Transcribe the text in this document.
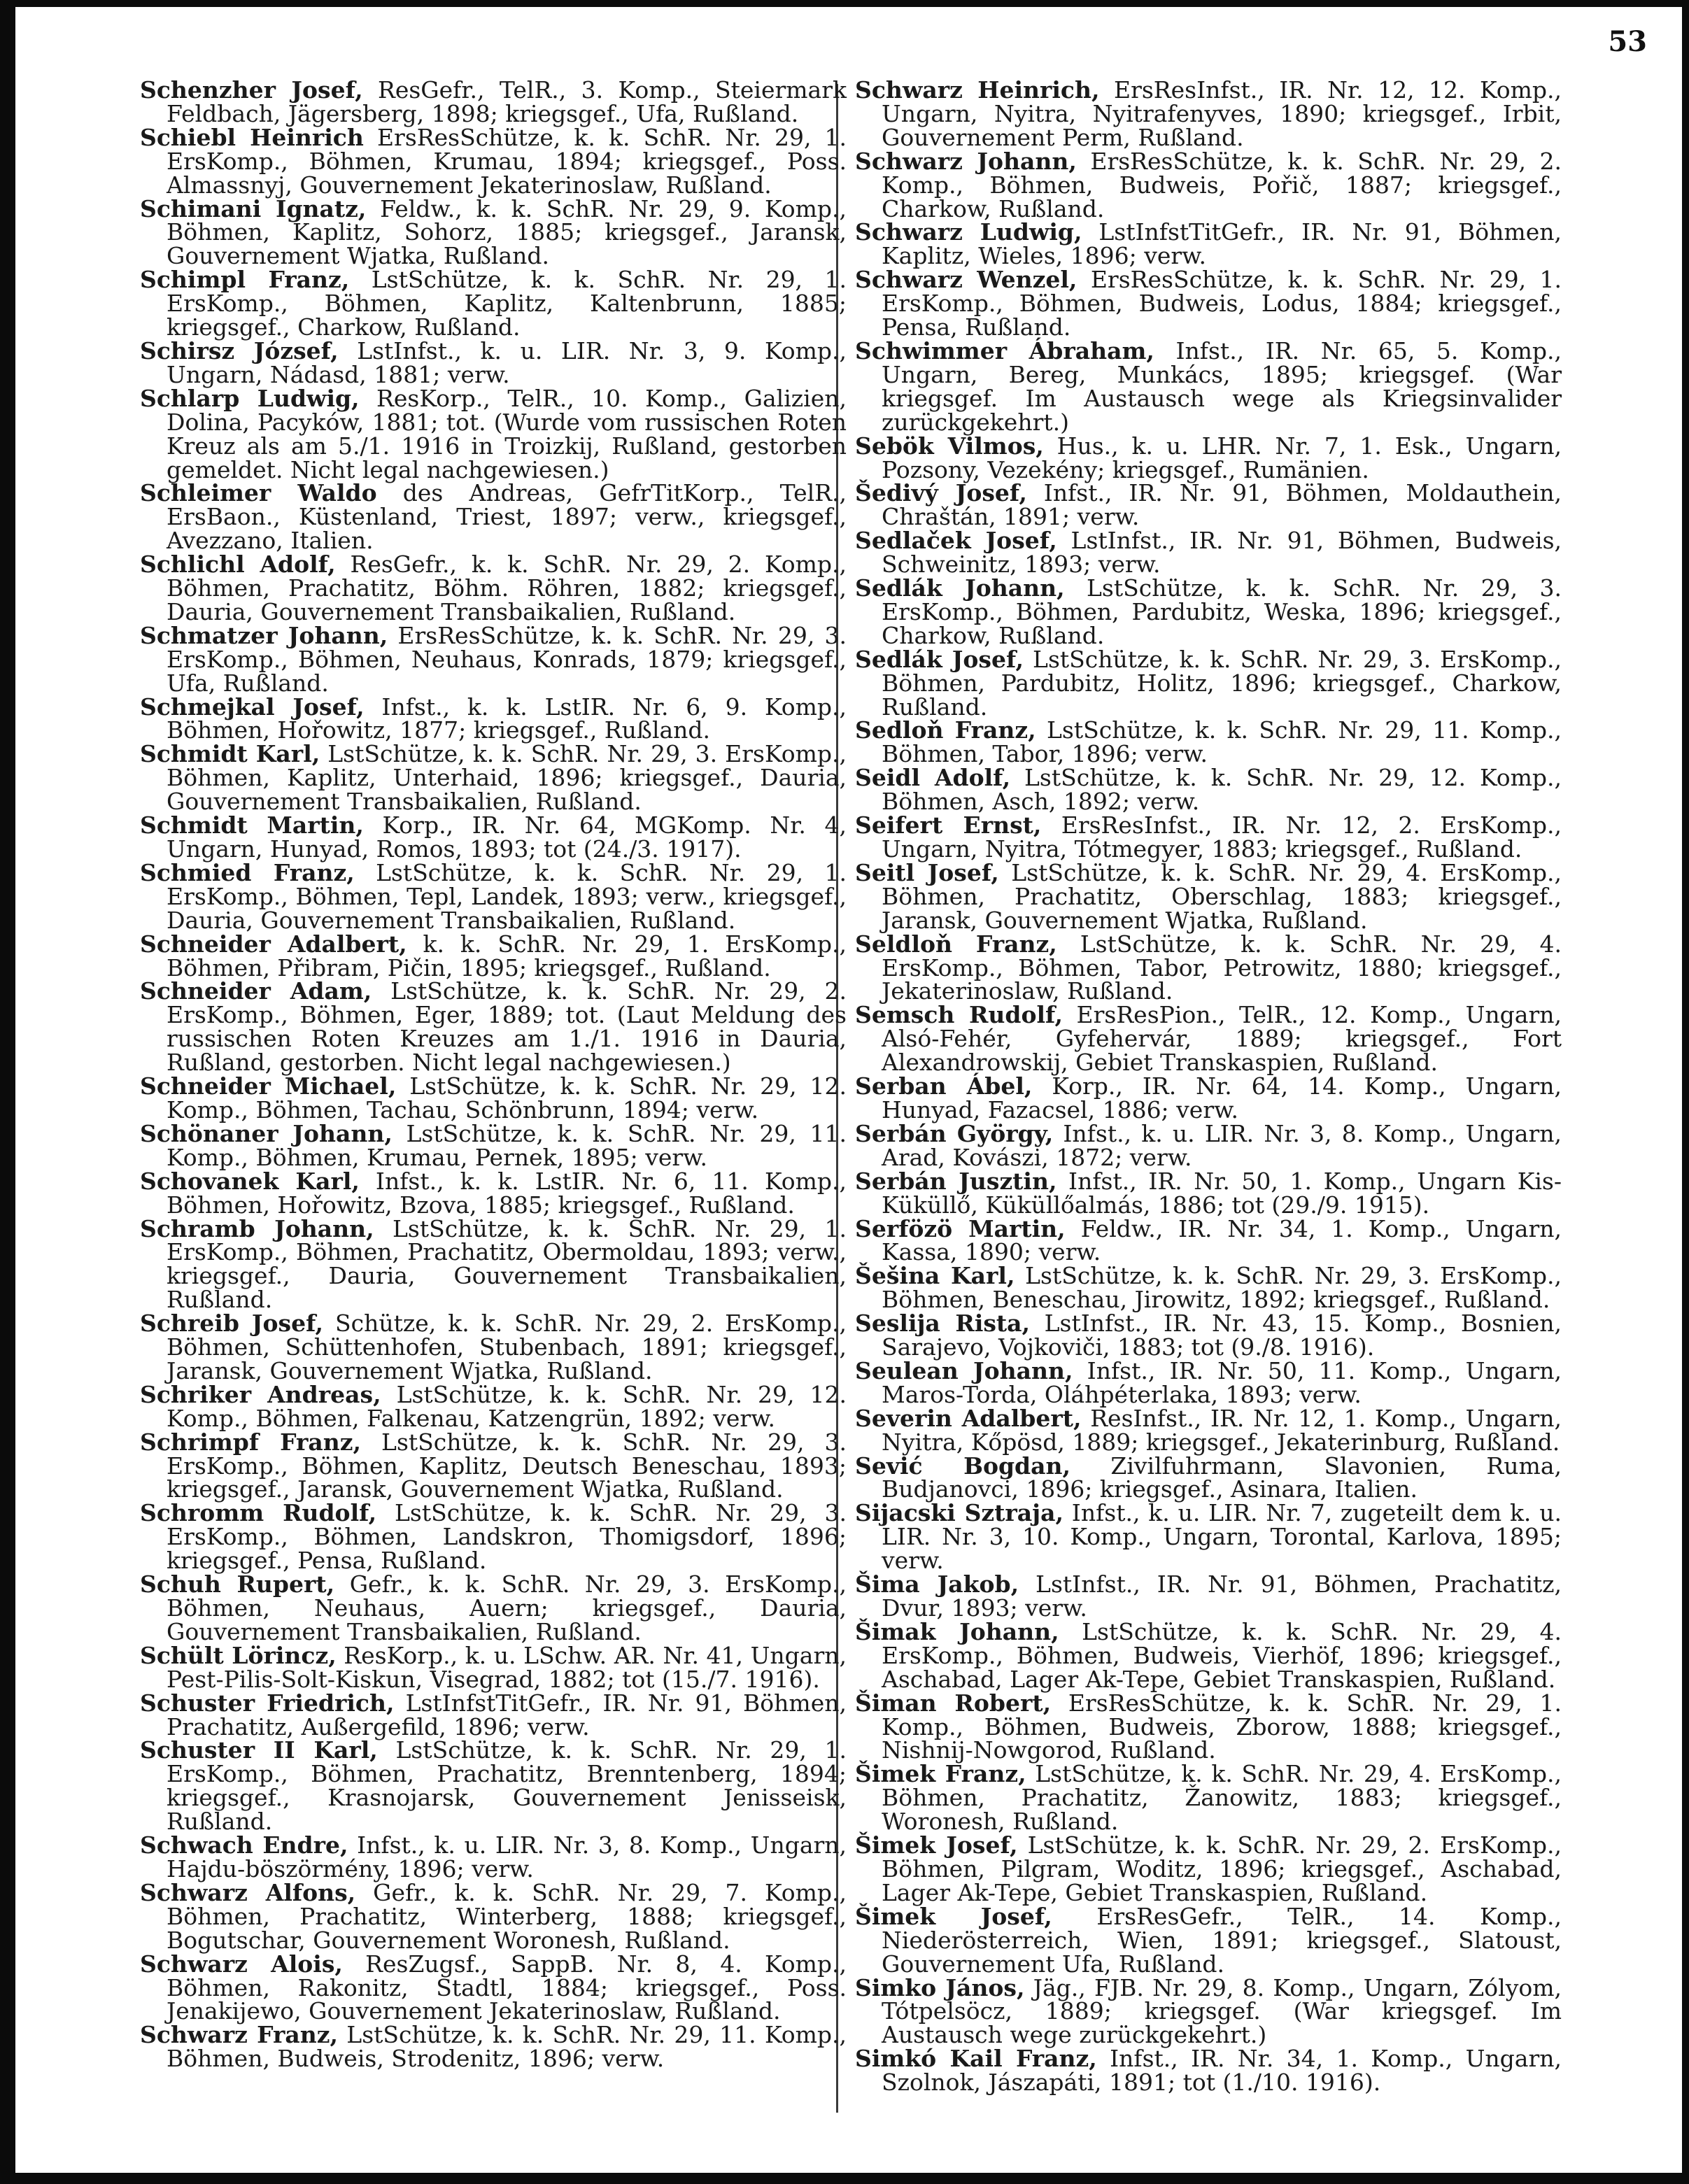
53

Schenzher Josef, ResGefr., TelR., 3. Komp., Steiermark Feldbach, Jägersberg, 1898; kriegsgef., Ufa, Rußland.

Schiebl Heinrich ErsResSchütze, k. k. SchR. Nr. 29, 1. ErsKomp., Böhmen, Krumau, 1894; kriegsgef., Poss. Almassnyj, Gouvernement Jekaterinoslaw, Rußland.

Schimani Ignatz, Feldw., k. k. SchR. Nr. 29, 9. Komp., Böhmen, Kaplitz, Sohorz, 1885; kriegsgef., Jaransk, Gouvernement Wjatka, Rußland.

Schimpl Franz, LstSchütze, k. k. SchR. Nr. 29, 1. ErsKomp., Böhmen, Kaplitz, Kaltenbrunn, 1885; kriegsgef., Charkow, Rußland.

Schirsz József, LstInfst., k. u. LIR. Nr. 3, 9. Komp., Ungarn, Nádasd, 1881; verw.

Schlarp Ludwig, ResKorp., TelR., 10. Komp., Galizien, Dolina, Pacyków, 1881; tot. (Wurde vom russischen Roten Kreuz als am 5./1. 1916 in Troizkij, Rußland, gestorben gemeldet. Nicht legal nachgewiesen.)

Schleimer Waldo des Andreas, GefrTitKorp., TelR., ErsBaon., Küstenland, Triest, 1897; verw., kriegsgef., Avezzano, Italien.

Schlichl Adolf, ResGefr., k. k. SchR. Nr. 29, 2. Komp., Böhmen, Prachatitz, Böhm. Röhren, 1882; kriegsgef., Dauria, Gouvernement Transbaikalien, Rußland.

Schmatzer Johann, ErsResSchütze, k. k. SchR. Nr. 29, 3. ErsKomp., Böhmen, Neuhaus, Konrads, 1879; kriegsgef., Ufa, Rußland.

Schmejkal Josef, Infst., k. k. LstIR. Nr. 6, 9. Komp., Böhmen, Hořowitz, 1877; kriegsgef., Rußland.

Schmidt Karl, LstSchütze, k. k. SchR. Nr. 29, 3. ErsKomp., Böhmen, Kaplitz, Unterhaid, 1896; kriegsgef., Dauria, Gouvernement Transbaikalien, Rußland.

Schmidt Martin, Korp., IR. Nr. 64, MGKomp. Nr. 4, Ungarn, Hunyad, Romos, 1893; tot (24./3. 1917).

Schmied Franz, LstSchütze, k. k. SchR. Nr. 29, 1. ErsKomp., Böhmen, Tepl, Landek, 1893; verw., kriegsgef., Dauria, Gouvernement Transbaikalien, Rußland.

Schneider Adalbert, k. k. SchR. Nr. 29, 1. ErsKomp., Böhmen, Přibram, Pičin, 1895; kriegsgef., Rußland.

Schneider Adam, LstSchütze, k. k. SchR. Nr. 29, 2. ErsKomp., Böhmen, Eger, 1889; tot. (Laut Meldung des russischen Roten Kreuzes am 1./1. 1916 in Dauria, Rußland, gestorben. Nicht legal nachgewiesen.)

Schneider Michael, LstSchütze, k. k. SchR. Nr. 29, 12. Komp., Böhmen, Tachau, Schönbrunn, 1894; verw.

Schönaner Johann, LstSchütze, k. k. SchR. Nr. 29, 11. Komp., Böhmen, Krumau, Pernek, 1895; verw.

Schovanek Karl, Infst., k. k. LstIR. Nr. 6, 11. Komp., Böhmen, Hořowitz, Bzova, 1885; kriegsgef., Rußland.

Schramb Johann, LstSchütze, k. k. SchR. Nr. 29, 1. ErsKomp., Böhmen, Prachatitz, Obermoldau, 1893; verw., kriegsgef., Dauria, Gouvernement Transbaikalien, Rußland.

Schreib Josef, Schütze, k. k. SchR. Nr. 29, 2. ErsKomp., Böhmen, Schüttenhofen, Stubenbach, 1891; kriegsgef., Jaransk, Gouvernement Wjatka, Rußland.

Schriker Andreas, LstSchütze, k. k. SchR. Nr. 29, 12. Komp., Böhmen, Falkenau, Katzengrün, 1892; verw.

Schrimpf Franz, LstSchütze, k. k. SchR. Nr. 29, 3. ErsKomp., Böhmen, Kaplitz, Deutsch Beneschau, 1893; kriegsgef., Jaransk, Gouvernement Wjatka, Rußland.

Schromm Rudolf, LstSchütze, k. k. SchR. Nr. 29, 3. ErsKomp., Böhmen, Landskron, Thomigsdorf, 1896; kriegsgef., Pensa, Rußland.

Schuh Rupert, Gefr., k. k. SchR. Nr. 29, 3. ErsKomp., Böhmen, Neuhaus, Auern; kriegsgef., Dauria, Gouvernement Transbaikalien, Rußland.

Schült Lörincz, ResKorp., k. u. LSchw. AR. Nr. 41, Ungarn, Pest-Pilis-Solt-Kiskun, Visegrad, 1882; tot (15./7. 1916).

Schuster Friedrich, LstInfstTitGefr., IR. Nr. 91, Böhmen, Prachatitz, Außergefild, 1896; verw.

Schuster II Karl, LstSchütze, k. k. SchR. Nr. 29, 1. ErsKomp., Böhmen, Prachatitz, Brenntenberg, 1894; kriegsgef., Krasnojarsk, Gouvernement Jenisseisk, Rußland.

Schwach Endre, Infst., k. u. LIR. Nr. 3, 8. Komp., Ungarn, Hajdu-böszörmény, 1896; verw.

Schwarz Alfons, Gefr., k. k. SchR. Nr. 29, 7. Komp., Böhmen, Prachatitz, Winterberg, 1888; kriegsgef., Bogutschar, Gouvernement Woronesh, Rußland.

Schwarz Alois, ResZugsf., SappB. Nr. 8, 4. Komp., Böhmen, Rakonitz, Stadtl, 1884; kriegsgef., Poss. Jenakijewo, Gouvernement Jekaterinoslaw, Rußland.

Schwarz Franz, LstSchütze, k. k. SchR. Nr. 29, 11. Komp., Böhmen, Budweis, Strodenitz, 1896; verw.

Schwarz Heinrich, ErsResInfst., IR. Nr. 12, 12. Komp., Ungarn, Nyitra, Nyitrafenyves, 1890; kriegsgef., Irbit, Gouvernement Perm, Rußland.

Schwarz Johann, ErsResSchütze, k. k. SchR. Nr. 29, 2. Komp., Böhmen, Budweis, Pořič, 1887; kriegsgef., Charkow, Rußland.

Schwarz Ludwig, LstInfstTitGefr., IR. Nr. 91, Böhmen, Kaplitz, Wieles, 1896; verw.

Schwarz Wenzel, ErsResSchütze, k. k. SchR. Nr. 29, 1. ErsKomp., Böhmen, Budweis, Lodus, 1884; kriegsgef., Pensa, Rußland.

Schwimmer Ábraham, Infst., IR. Nr. 65, 5. Komp., Ungarn, Bereg, Munkács, 1895; kriegsgef. (War kriegsgef. Im Austausch wege als Kriegsinvalider zurückgekehrt.)

Sebök Vilmos, Hus., k. u. LHR. Nr. 7, 1. Esk., Ungarn, Pozsony, Vezekény; kriegsgef., Rumänien.

Šedivý Josef, Infst., IR. Nr. 91, Böhmen, Moldauthein, Chraštán, 1891; verw.

Sedlaček Josef, LstInfst., IR. Nr. 91, Böhmen, Budweis, Schweinitz, 1893; verw.

Sedlák Johann, LstSchütze, k. k. SchR. Nr. 29, 3. ErsKomp., Böhmen, Pardubitz, Weska, 1896; kriegsgef., Charkow, Rußland.

Sedlák Josef, LstSchütze, k. k. SchR. Nr. 29, 3. ErsKomp., Böhmen, Pardubitz, Holitz, 1896; kriegsgef., Charkow, Rußland.

Sedloň Franz, LstSchütze, k. k. SchR. Nr. 29, 11. Komp., Böhmen, Tabor, 1896; verw.

Seidl Adolf, LstSchütze, k. k. SchR. Nr. 29, 12. Komp., Böhmen, Asch, 1892; verw.

Seifert Ernst, ErsResInfst., IR. Nr. 12, 2. ErsKomp., Ungarn, Nyitra, Tótmegyer, 1883; kriegsgef., Rußland.

Seitl Josef, LstSchütze, k. k. SchR. Nr. 29, 4. ErsKomp., Böhmen, Prachatitz, Oberschlag, 1883; kriegsgef., Jaransk, Gouvernement Wjatka, Rußland.

Seldloň Franz, LstSchütze, k. k. SchR. Nr. 29, 4. ErsKomp., Böhmen, Tabor, Petrowitz, 1880; kriegsgef., Jekaterinoslaw, Rußland.

Semsch Rudolf, ErsResPion., TelR., 12. Komp., Ungarn, Alsó-Fehér, Gyfehervár, 1889; kriegsgef., Fort Alexandrowskij, Gebiet Transkaspien, Rußland.

Serban Ábel, Korp., IR. Nr. 64, 14. Komp., Ungarn, Hunyad, Fazacsel, 1886; verw.

Serbán György, Infst., k. u. LIR. Nr. 3, 8. Komp., Ungarn, Arad, Kovászi, 1872; verw.

Serbán Jusztin, Infst., IR. Nr. 50, 1. Komp., Ungarn Kis-Küküllő, Küküllőalmás, 1886; tot (29./9. 1915).

Serfözö Martin, Feldw., IR. Nr. 34, 1. Komp., Ungarn, Kassa, 1890; verw.

Šešina Karl, LstSchütze, k. k. SchR. Nr. 29, 3. ErsKomp., Böhmen, Beneschau, Jirowitz, 1892; kriegsgef., Rußland.

Seslija Rista, LstInfst., IR. Nr. 43, 15. Komp., Bosnien, Sarajevo, Vojkoviči, 1883; tot (9./8. 1916).

Seulean Johann, Infst., IR. Nr. 50, 11. Komp., Ungarn, Maros-Torda, Oláhpéterlaka, 1893; verw.

Severin Adalbert, ResInfst., IR. Nr. 12, 1. Komp., Ungarn, Nyitra, Kőpösd, 1889; kriegsgef., Jekaterinburg, Rußland.

Sević Bogdan, Zivilfuhrmann, Slavonien, Ruma, Budjanovci, 1896; kriegsgef., Asinara, Italien.

Sijacski Sztraja, Infst., k. u. LIR. Nr. 7, zugeteilt dem k. u. LIR. Nr. 3, 10. Komp., Ungarn, Torontal, Karlova, 1895; verw.

Šima Jakob, LstInfst., IR. Nr. 91, Böhmen, Prachatitz, Dvur, 1893; verw.

Šimak Johann, LstSchütze, k. k. SchR. Nr. 29, 4. ErsKomp., Böhmen, Budweis, Vierhöf, 1896; kriegsgef., Aschabad, Lager Ak-Tepe, Gebiet Transkaspien, Rußland.

Šiman Robert, ErsResSchütze, k. k. SchR. Nr. 29, 1. Komp., Böhmen, Budweis, Zborow, 1888; kriegsgef., Nishnij-Nowgorod, Rußland.

Šimek Franz, LstSchütze, k. k. SchR. Nr. 29, 4. ErsKomp., Böhmen, Prachatitz, Žanowitz, 1883; kriegsgef., Woronesh, Rußland.

Šimek Josef, LstSchütze, k. k. SchR. Nr. 29, 2. ErsKomp., Böhmen, Pilgram, Woditz, 1896; kriegsgef., Aschabad, Lager Ak-Tepe, Gebiet Transkaspien, Rußland.

Šimek Josef, ErsResGefr., TelR., 14. Komp., Niederösterreich, Wien, 1891; kriegsgef., Slatoust, Gouvernement Ufa, Rußland.

Simko János, Jäg., FJB. Nr. 29, 8. Komp., Ungarn, Zólyom, Tótpelsöcz, 1889; kriegsgef. (War kriegsgef. Im Austausch wege zurückgekehrt.)

Simkó Kail Franz, Infst., IR. Nr. 34, 1. Komp., Ungarn, Szolnok, Jászapáti, 1891; tot (1./10. 1916).
